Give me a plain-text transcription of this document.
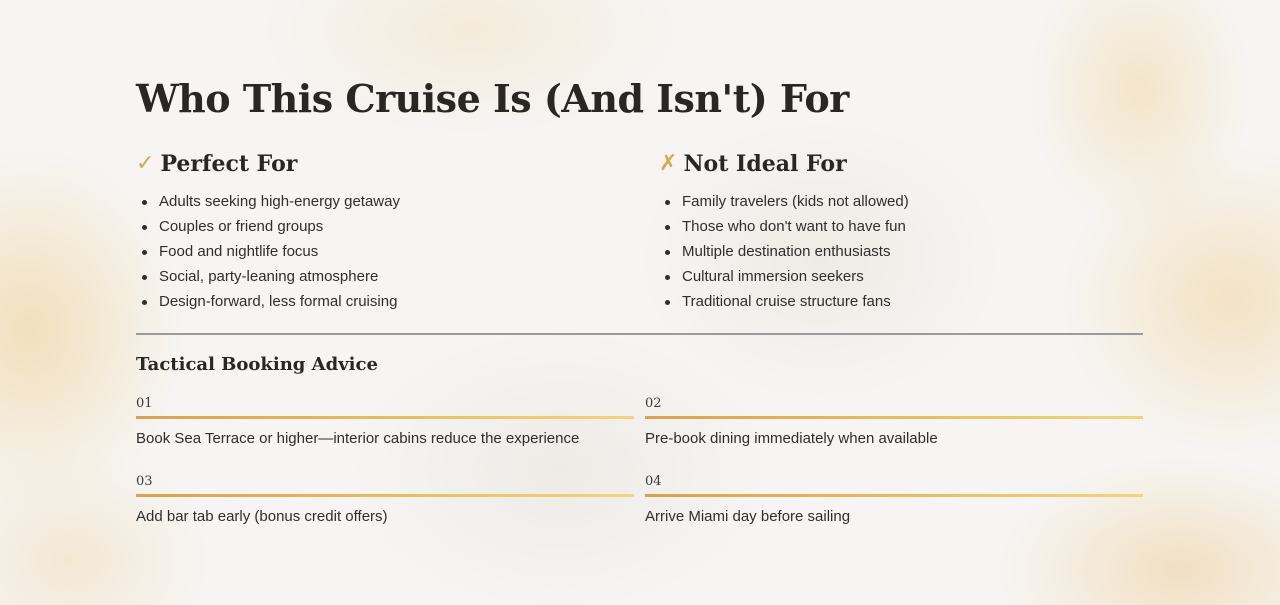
Who This Cruise Is (And Isn't) For
✓ Perfect For
Adults seeking high-energy getaway
Couples or friend groups
Food and nightlife focus
Social, party-leaning atmosphere
Design-forward, less formal cruising
✗ Not Ideal For
Family travelers (kids not allowed)
Those who don't want to have fun
Multiple destination enthusiasts
Cultural immersion seekers
Traditional cruise structure fans
Tactical Booking Advice
01
Book Sea Terrace or higher—interior cabins reduce the experience
02
Pre-book dining immediately when available
03
Add bar tab early (bonus credit offers)
04
Arrive Miami day before sailing
